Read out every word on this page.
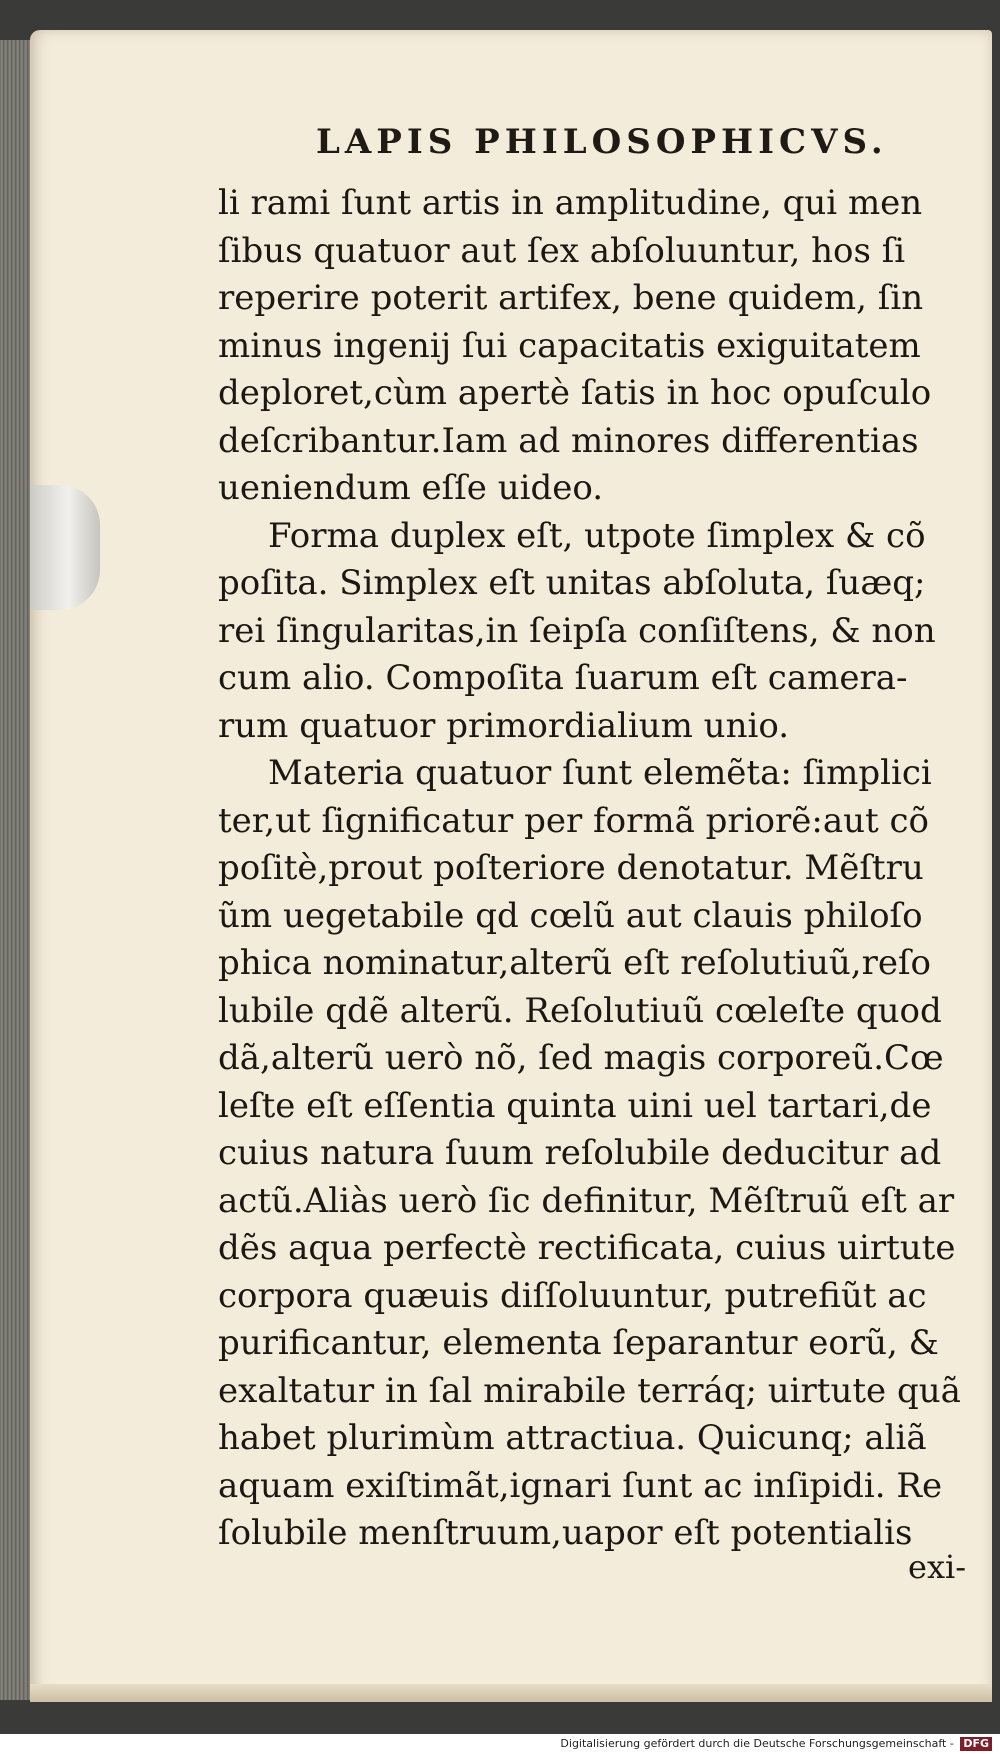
LAPIS PHILOSOPHICVS.
li rami ſunt artis in amplitudine, qui men
ſibus quatuor aut ſex abſoluuntur, hos ſi
reperire poterit artifex, bene quidem, ſin
minus ingenij ſui capacitatis exiguitatem
deploret,cùm apertè ſatis in hoc opuſculo
deſcribantur.Iam ad minores differentias
ueniendum eſſe uideo.
Forma duplex eſt, utpote ſimplex & cõ
poſita. Simplex eſt unitas abſoluta, ſuæq;
rei ſingularitas,in ſeipſa conſiſtens, & non
cum alio. Compoſita ſuarum eſt camera-
rum quatuor primordialium unio.
Materia quatuor ſunt elemẽta: ſimplici
ter,ut ſignificatur per formã priorẽ:aut cõ
poſitè,prout poſteriore denotatur. Mẽſtru
ũm uegetabile qd cœlũ aut clauis philoſo
phica nominatur,alterũ eſt reſolutiuũ,reſo
lubile qdẽ alterũ. Reſolutiuũ cœleſte quod
dã,alterũ uerò nõ, ſed magis corporeũ.Cœ
leſte eſt eſſentia quinta uini uel tartari,de
cuius natura ſuum reſolubile deducitur ad
actũ.Aliàs uerò ſic definitur, Mẽſtruũ eſt ar
dẽs aqua perfectè rectificata, cuius uirtute
corpora quæuis diſſoluuntur, putrefiũt ac
purificantur, elementa ſeparantur eorũ, &
exaltatur in ſal mirabile terráq; uirtute quã
habet plurimùm attractiua. Quicunq; aliã
aquam exiſtimãt,ignari ſunt ac inſipidi. Re
ſolubile menſtruum,uapor eſt potentialis
exi-
Digitalisierung gefördert durch die Deutsche Forschungsgemeinschaft - DFG
